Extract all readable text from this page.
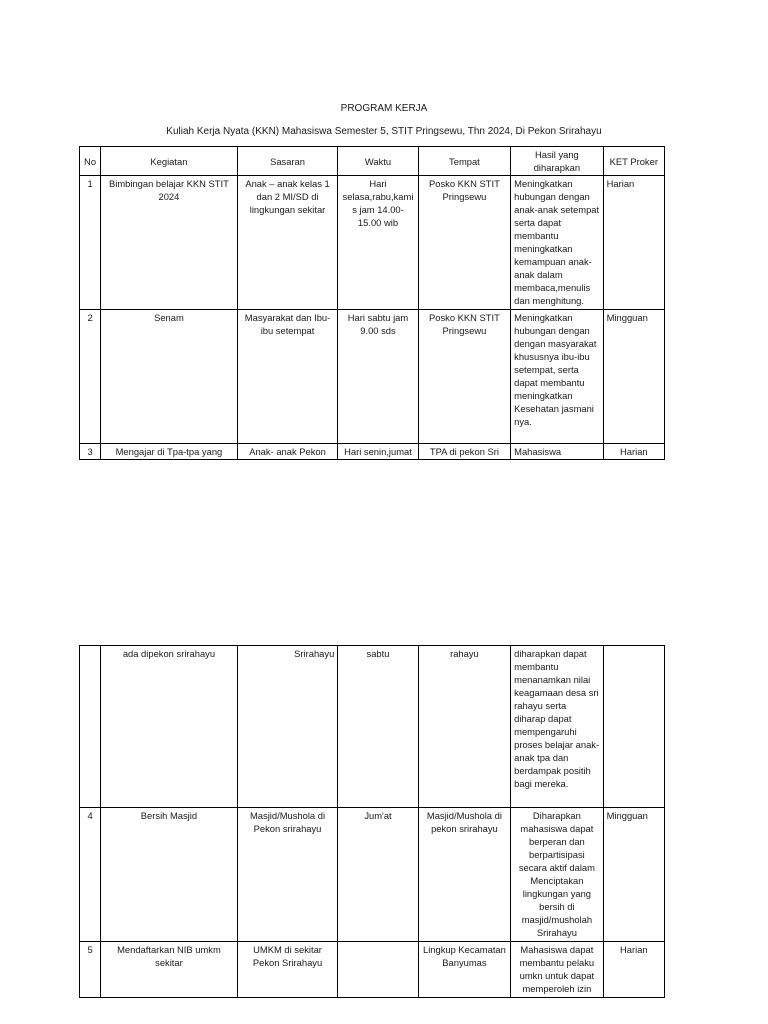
PROGRAM KERJA
Kuliah Kerja Nyata (KKN) Mahasiswa Semester 5, STIT Pringsewu, Thn 2024, Di Pekon Srirahayu
No	Kegiatan	Sasaran	Waktu	Tempat	Hasil yang diharapkan	KET Proker
1	Bimbingan belajar KKN STIT 2024	Anak – anak kelas 1 dan 2 MI/SD di lingkungan sekitar	Hari selasa,rabu,kamis jam 14.00-15.00 wib	Posko KKN STIT Pringsewu	Meningkatkan hubungan dengan anak-anak setempat serta dapat membantu meningkatkan kemampuan anak-anak dalam membaca,menulis dan menghitung.	Harian
2	Senam	Masyarakat dan Ibu-ibu setempat	Hari sabtu jam 9.00 sds	Posko KKN STIT Pringsewu	Meningkatkan hubungan dengan dengan masyarakat khususnya ibu-ibu setempat, serta dapat membantu meningkatkan Kesehatan jasmani nya.	Mingguan
3	Mengajar di Tpa-tpa yang	Anak- anak Pekon	Hari senin,jumat	TPA di pekon Sri	Mahasiswa	Harian
	ada dipekon srirahayu	Srirahayu	sabtu	rahayu	diharapkan dapat membantu menanamkan nilai keagamaan desa sri rahayu serta diharap dapat mempengaruhi proses belajar anak-anak tpa dan berdampak positih bagi mereka.	
4	Bersih Masjid	Masjid/Mushola di Pekon srirahayu	Jum'at	Masjid/Mushola di pekon srirahayu	Diharapkan mahasiswa dapat berperan dan berpartisipasi secara aktif dalam Menciptakan lingkungan yang bersih di masjid/musholah Srirahayu	Mingguan
5	Mendaftarkan NIB umkm sekitar	UMKM di sekitar Pekon Srirahayu		Lingkup Kecamatan Banyumas	Mahasiswa dapat membantu pelaku umkn untuk dapat memperoleh izin	Harian
